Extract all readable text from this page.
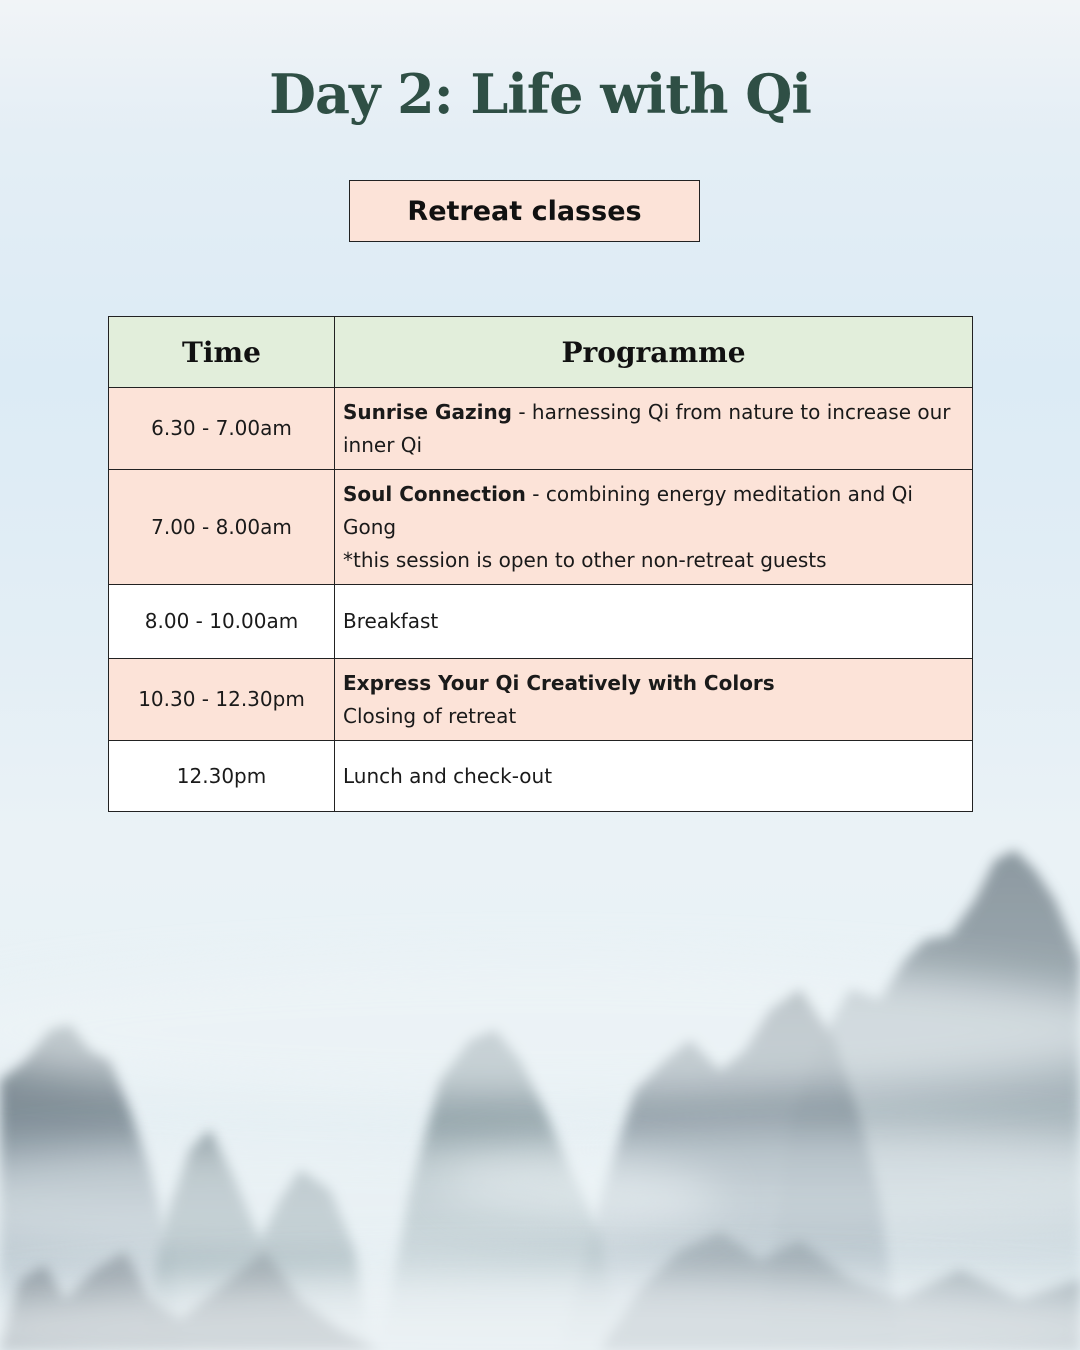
Day 2: Life with Qi
Retreat classes
Time	Programme
6.30 - 7.00am	Sunrise Gazing - harnessing Qi from nature to increase our inner Qi
7.00 - 8.00am	Soul Connection - combining energy meditation and Qi Gong
*this session is open to other non-retreat guests
8.00 - 10.00am	Breakfast
10.30 - 12.30pm	Express Your Qi Creatively with Colors
Closing of retreat
12.30pm	Lunch and check-out
